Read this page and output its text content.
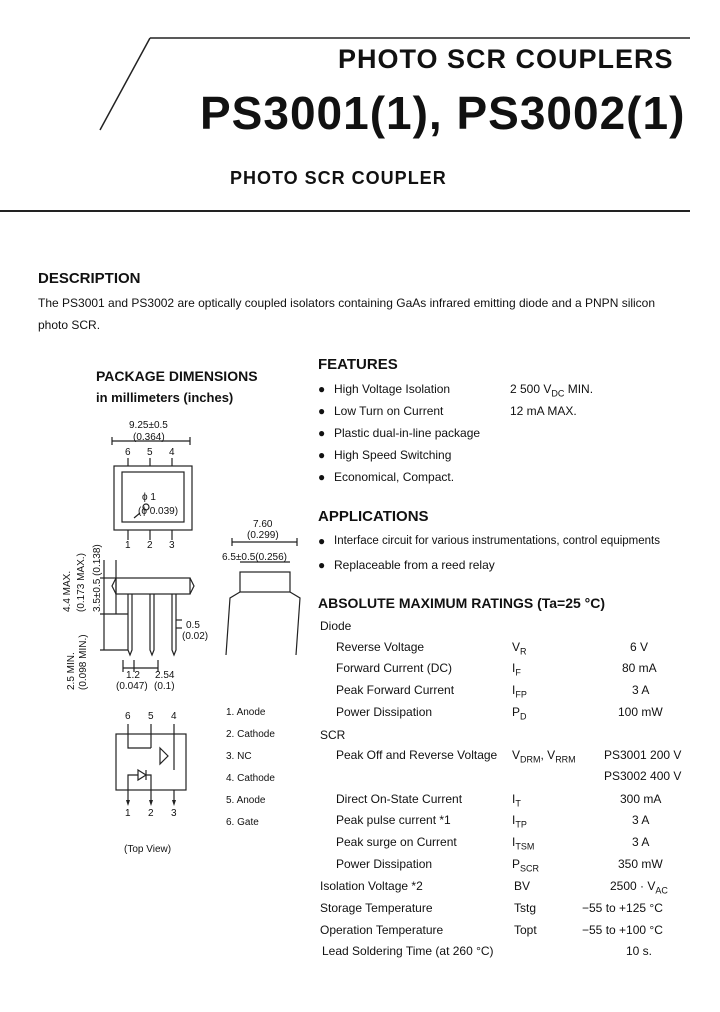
PHOTO SCR COUPLERS
PS3001(1), PS3002(1)
PHOTO SCR COUPLER
DESCRIPTION
The PS3001 and PS3002 are optically coupled isolators containing GaAs infrared emitting diode and a PNPN silicon
photo SCR.
PACKAGE DIMENSIONS
in millimeters (inches)
9.25±0.5
(0.364)
6 5 4
ϕ 1
(ϕ 0.039)
1 2 3
7.60
(0.299)
6.5±0.5(0.256)
4.4 MAX. (0.173 MAX.) 3.5±0.5 (0.138)
2.5 MIN. (0.098 MIN.)
0.5
(0.02)
1.2
(0.047)
2.54
(0.1)
6 5 4
1 2 3
1. Anode
2. Cathode
3. NC
4. Cathode
5. Anode
6. Gate
(Top View)
FEATURES
● High Voltage Isolation	2 500 $V_{DC}$ MIN.
● Low Turn on Current	12 mA MAX.
● Plastic dual-in-line package
● High Speed Switching
● Economical, Compact.
APPLICATIONS
● Interface circuit for various instrumentations, control equipments
● Replaceable from a reed relay
ABSOLUTE MAXIMUM RATINGS (Ta=25 °C)
Diode
Reverse Voltage	$V_R$	6 V
Forward Current (DC)	$I_F$	80 mA
Peak Forward Current	$I_{FP}$	3 A
Power Dissipation	$P_D$	100 mW
SCR
Peak Off and Reverse Voltage $V_{DRM}$, $V_{RRM}$ PS3001 200 V
PS3002 400 V
Direct On-State Current	$I_T$	300 mA
Peak pulse current *1	$I_{TP}$	3 A
Peak surge on Current	$I_{TSM}$	3 A
Power Dissipation	$P_{SCR}$	350 mW
Isolation Voltage *2	BV	$2500 \cdot V_{AC}$
Storage Temperature	Tstg	−55 to +125 °C
Operation Temperature	Topt	−55 to +100 °C
Lead Soldering Time (at 260 °C)	10 s.
